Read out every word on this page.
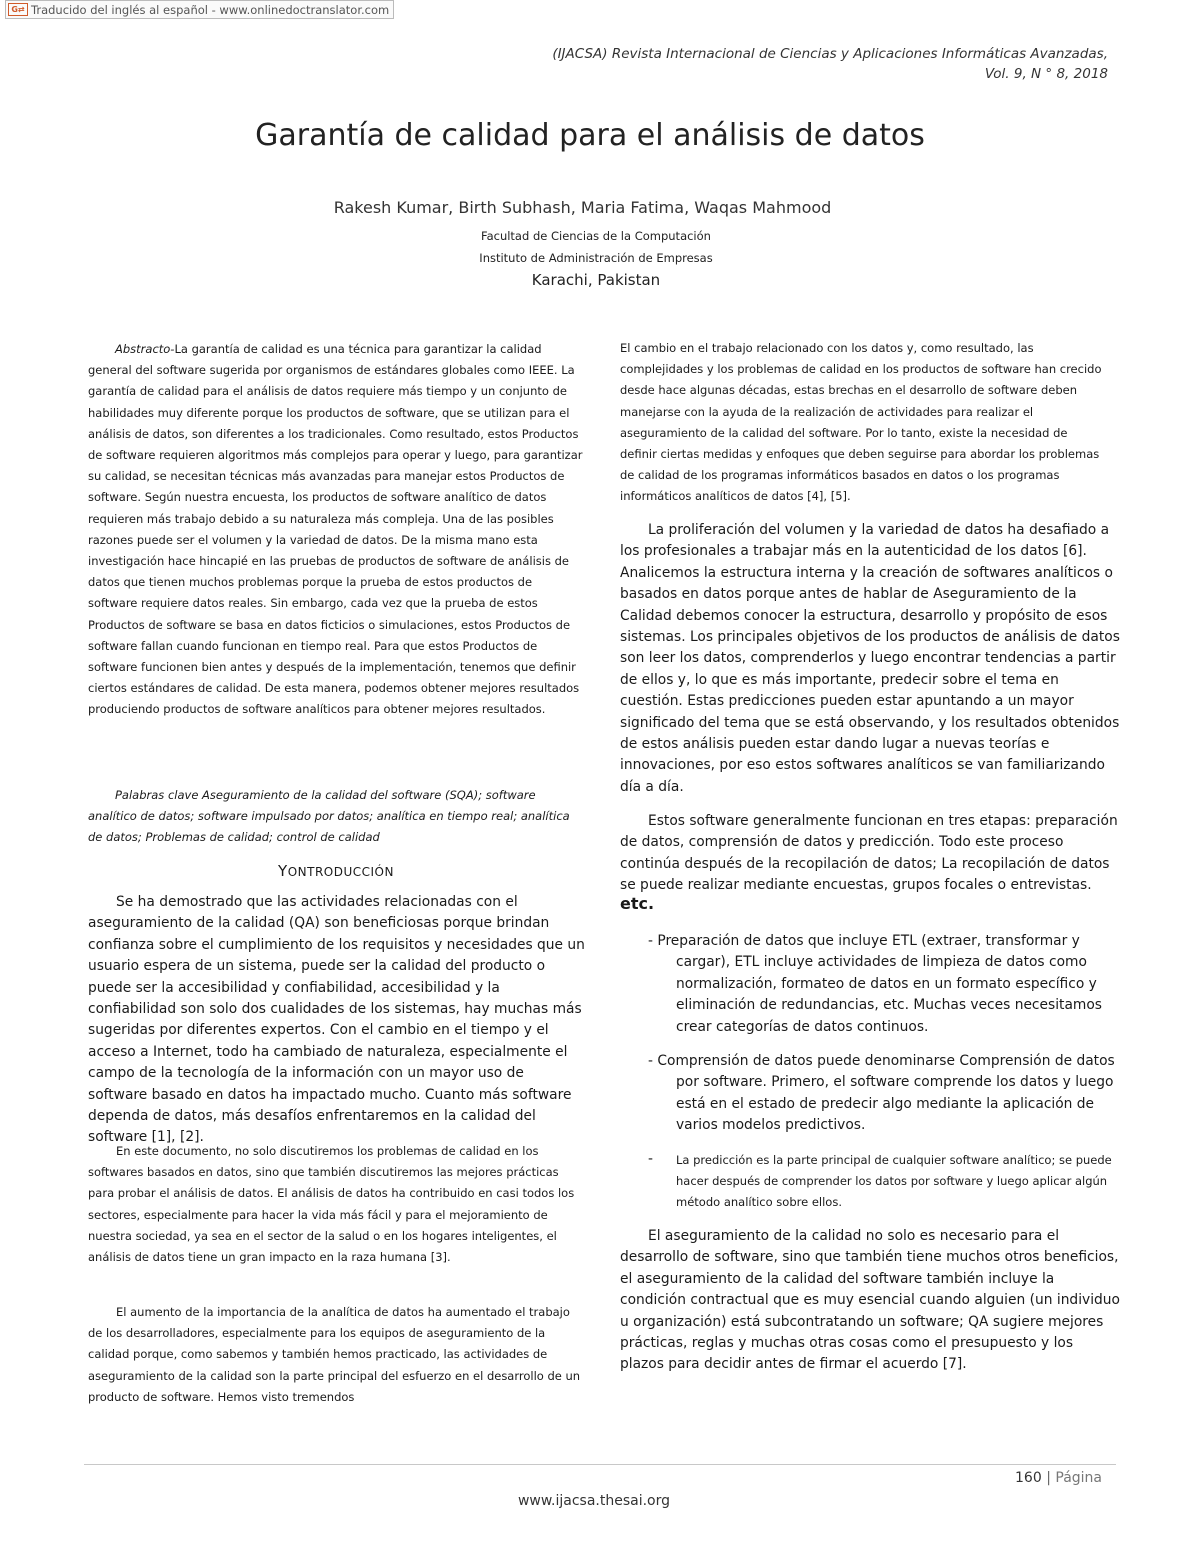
G⇄ Traducido del inglés al español - www.onlinedoctranslator.com
(IJACSA) Revista Internacional de Ciencias y Aplicaciones Informáticas Avanzadas,
Vol. 9, N ° 8, 2018
Garantía de calidad para el análisis de datos
Rakesh Kumar, Birth Subhash, Maria Fatima, Waqas Mahmood
Facultad de Ciencias de la Computación
Instituto de Administración de Empresas
Karachi, Pakistan

Abstracto-La garantía de calidad es una técnica para garantizar la calidad general del software sugerida por organismos de estándares globales como IEEE. La garantía de calidad para el análisis de datos requiere más tiempo y un conjunto de habilidades muy diferente porque los productos de software, que se utilizan para el análisis de datos, son diferentes a los tradicionales. Como resultado, estos Productos de software requieren algoritmos más complejos para operar y luego, para garantizar su calidad, se necesitan técnicas más avanzadas para manejar estos Productos de software. Según nuestra encuesta, los productos de software analítico de datos requieren más trabajo debido a su naturaleza más compleja. Una de las posibles razones puede ser el volumen y la variedad de datos. De la misma mano esta investigación hace hincapié en las pruebas de productos de software de análisis de datos que tienen muchos problemas porque la prueba de estos productos de software requiere datos reales. Sin embargo, cada vez que la prueba de estos Productos de software se basa en datos ficticios o simulaciones, estos Productos de software fallan cuando funcionan en tiempo real. Para que estos Productos de software funcionen bien antes y después de la implementación, tenemos que definir ciertos estándares de calidad. De esta manera, podemos obtener mejores resultados produciendo productos de software analíticos para obtener mejores resultados.

Palabras clave Aseguramiento de la calidad del software (SQA); software analítico de datos; software impulsado por datos; analítica en tiempo real; analítica de datos; Problemas de calidad; control de calidad

YONTRODUCCIÓN

Se ha demostrado que las actividades relacionadas con el aseguramiento de la calidad (QA) son beneficiosas porque brindan confianza sobre el cumplimiento de los requisitos y necesidades que un usuario espera de un sistema, puede ser la calidad del producto o puede ser la accesibilidad y confiabilidad, accesibilidad y la confiabilidad son solo dos cualidades de los sistemas, hay muchas más sugeridas por diferentes expertos. Con el cambio en el tiempo y el acceso a Internet, todo ha cambiado de naturaleza, especialmente el campo de la tecnología de la información con un mayor uso de software basado en datos ha impactado mucho. Cuanto más software dependa de datos, más desafíos enfrentaremos en la calidad del software [1], [2].

En este documento, no solo discutiremos los problemas de calidad en los softwares basados en datos, sino que también discutiremos las mejores prácticas para probar el análisis de datos. El análisis de datos ha contribuido en casi todos los sectores, especialmente para hacer la vida más fácil y para el mejoramiento de nuestra sociedad, ya sea en el sector de la salud o en los hogares inteligentes, el análisis de datos tiene un gran impacto en la raza humana [3].

El aumento de la importancia de la analítica de datos ha aumentado el trabajo de los desarrolladores, especialmente para los equipos de aseguramiento de la calidad porque, como sabemos y también hemos practicado, las actividades de aseguramiento de la calidad son la parte principal del esfuerzo en el desarrollo de un producto de software. Hemos visto tremendos

El cambio en el trabajo relacionado con los datos y, como resultado, las complejidades y los problemas de calidad en los productos de software han crecido desde hace algunas décadas, estas brechas en el desarrollo de software deben manejarse con la ayuda de la realización de actividades para realizar el aseguramiento de la calidad del software. Por lo tanto, existe la necesidad de definir ciertas medidas y enfoques que deben seguirse para abordar los problemas de calidad de los programas informáticos basados en datos o los programas informáticos analíticos de datos [4], [5].

La proliferación del volumen y la variedad de datos ha desafiado a los profesionales a trabajar más en la autenticidad de los datos [6]. Analicemos la estructura interna y la creación de softwares analíticos o basados en datos porque antes de hablar de Aseguramiento de la Calidad debemos conocer la estructura, desarrollo y propósito de esos sistemas. Los principales objetivos de los productos de análisis de datos son leer los datos, comprenderlos y luego encontrar tendencias a partir de ellos y, lo que es más importante, predecir sobre el tema en cuestión. Estas predicciones pueden estar apuntando a un mayor significado del tema que se está observando, y los resultados obtenidos de estos análisis pueden estar dando lugar a nuevas teorías e innovaciones, por eso estos softwares analíticos se van familiarizando día a día.

Estos software generalmente funcionan en tres etapas: preparación de datos, comprensión de datos y predicción. Todo este proceso continúa después de la recopilación de datos; La recopilación de datos se puede realizar mediante encuestas, grupos focales o entrevistas.

etc.

- Preparación de datos que incluye ETL (extraer, transformar y cargar), ETL incluye actividades de limpieza de datos como normalización, formateo de datos en un formato específico y eliminación de redundancias, etc. Muchas veces necesitamos crear categorías de datos continuos.

- Comprensión de datos puede denominarse Comprensión de datos por software. Primero, el software comprende los datos y luego está en el estado de predecir algo mediante la aplicación de varios modelos predictivos.

- La predicción es la parte principal de cualquier software analítico; se puede hacer después de comprender los datos por software y luego aplicar algún método analítico sobre ellos.

El aseguramiento de la calidad no solo es necesario para el desarrollo de software, sino que también tiene muchos otros beneficios, el aseguramiento de la calidad del software también incluye la condición contractual que es muy esencial cuando alguien (un individuo u organización) está subcontratando un software; QA sugiere mejores prácticas, reglas y muchas otras cosas como el presupuesto y los plazos para decidir antes de firmar el acuerdo [7].

160 | Página
www.ijacsa.thesai.org
